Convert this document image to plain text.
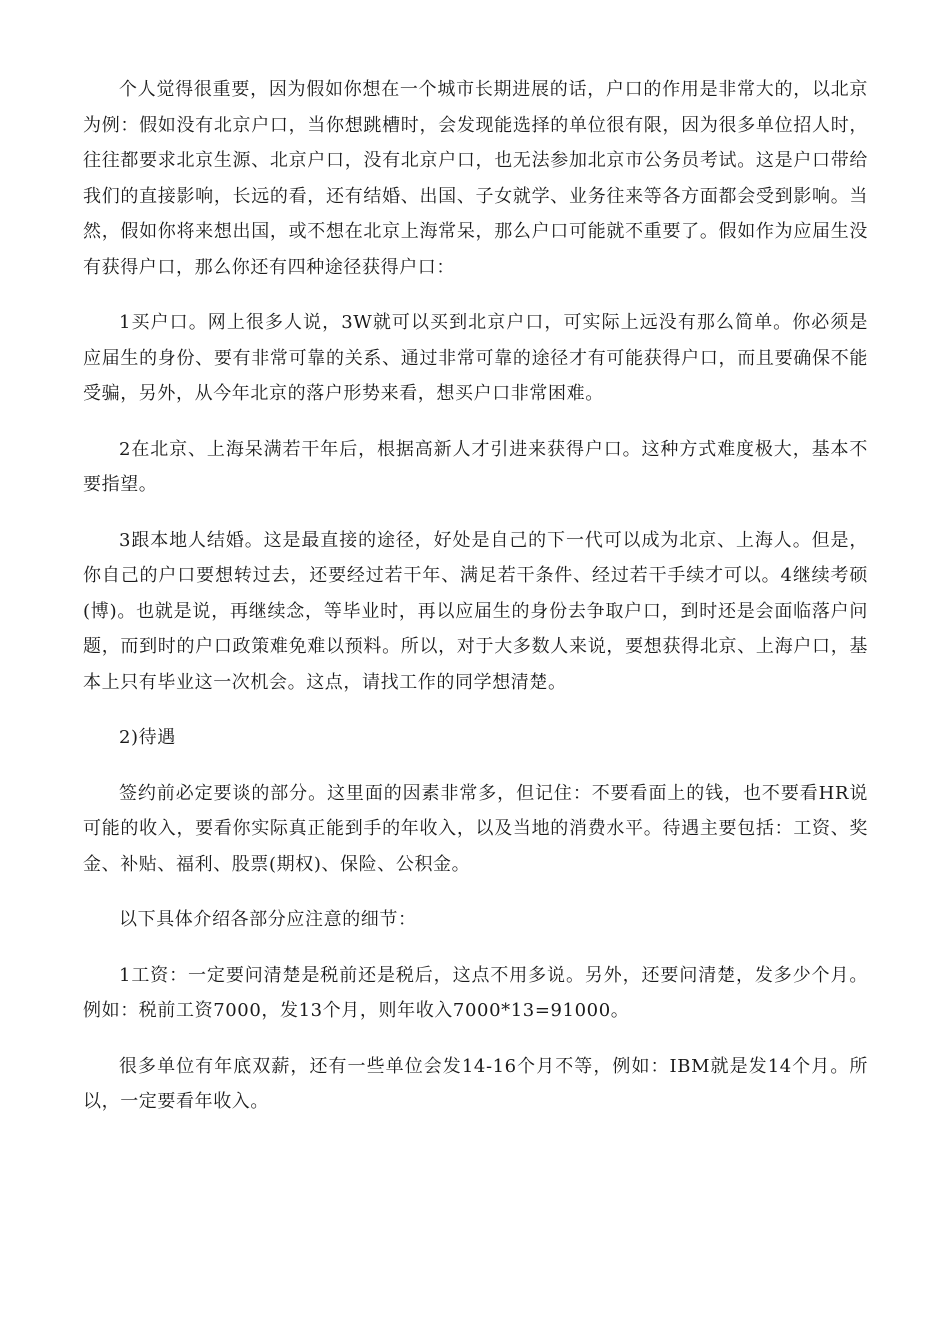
个人觉得很重要，因为假如你想在一个城市长期进展的话，户口的作用是非常大的，以北京为例：假如没有北京户口，当你想跳槽时，会发现能选择的单位很有限，因为很多单位招人时，往往都要求北京生源、北京户口，没有北京户口，也无法参加北京市公务员考试。这是户口带给我们的直接影响，长远的看，还有结婚、出国、子女就学、业务往来等各方面都会受到影响。当然，假如你将来想出国，或不想在北京上海常呆，那么户口可能就不重要了。假如作为应届生没有获得户口，那么你还有四种途径获得户口：

1买户口。网上很多人说，3W就可以买到北京户口，可实际上远没有那么简单。你必须是应届生的身份、要有非常可靠的关系、通过非常可靠的途径才有可能获得户口，而且要确保不能受骗，另外，从今年北京的落户形势来看，想买户口非常困难。

2在北京、上海呆满若干年后，根据高新人才引进来获得户口。这种方式难度极大，基本不要指望。

3跟本地人结婚。这是最直接的途径，好处是自己的下一代可以成为北京、上海人。但是，你自己的户口要想转过去，还要经过若干年、满足若干条件、经过若干手续才可以。4继续考硕(博)。也就是说，再继续念，等毕业时，再以应届生的身份去争取户口，到时还是会面临落户问题，而到时的户口政策难免难以预料。所以，对于大多数人来说，要想获得北京、上海户口，基本上只有毕业这一次机会。这点，请找工作的同学想清楚。

2)待遇

签约前必定要谈的部分。这里面的因素非常多，但记住：不要看面上的钱，也不要看HR说可能的收入，要看你实际真正能到手的年收入，以及当地的消费水平。待遇主要包括：工资、奖金、补贴、福利、股票(期权)、保险、公积金。

以下具体介绍各部分应注意的细节：

1工资：一定要问清楚是税前还是税后，这点不用多说。另外，还要问清楚，发多少个月。例如：税前工资7000，发13个月，则年收入7000*13=91000。

很多单位有年底双薪，还有一些单位会发14-16个月不等，例如：IBM就是发14个月。所以，一定要看年收入。
